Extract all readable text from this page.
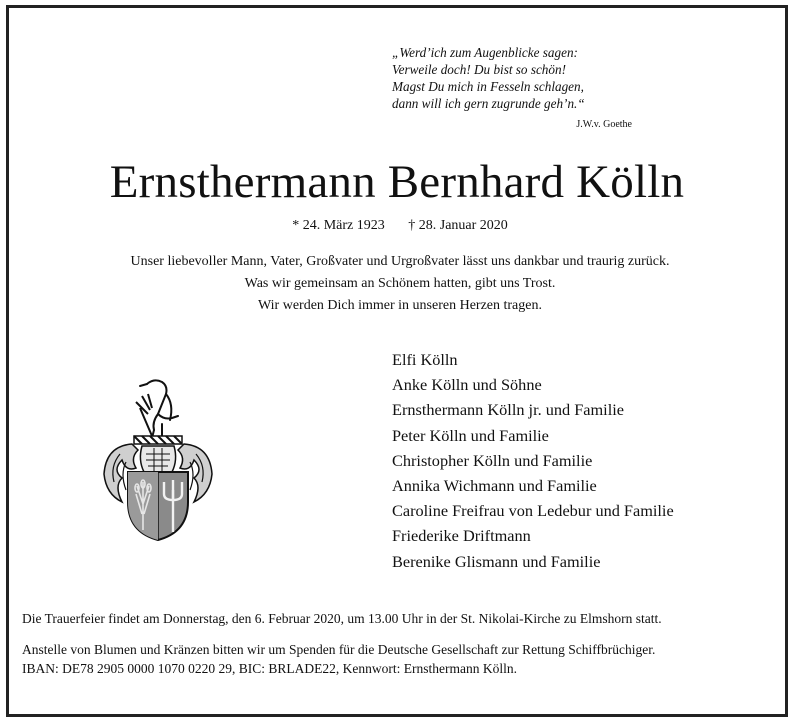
„Werd’ich zum Augenblicke sagen:
Verweile doch! Du bist so schön!
Magst Du mich in Fesseln schlagen,
dann will ich gern zugrunde geh’n.“
J.W.v. Goethe
Ernsthermann Bernhard Kölln
* 24. März 1923 † 28. Januar 2020
Unser liebevoller Mann, Vater, Großvater und Urgroßvater lässt uns dankbar und traurig zurück.
Was wir gemeinsam an Schönem hatten, gibt uns Trost.
Wir werden Dich immer in unseren Herzen tragen.
Elfi Kölln
Anke Kölln und Söhne
Ernsthermann Kölln jr. und Familie
Peter Kölln und Familie
Christopher Kölln und Familie
Annika Wichmann und Familie
Caroline Freifrau von Ledebur und Familie
Friederike Driftmann
Berenike Glismann und Familie
Die Trauerfeier findet am Donnerstag, den 6. Februar 2020, um 13.00 Uhr in der St. Nikolai-Kirche zu Elmshorn statt.
Anstelle von Blumen und Kränzen bitten wir um Spenden für die Deutsche Gesellschaft zur Rettung Schiffbrüchiger.
IBAN: DE78 2905 0000 1070 0220 29, BIC: BRLADE22, Kennwort: Ernsthermann Kölln.
